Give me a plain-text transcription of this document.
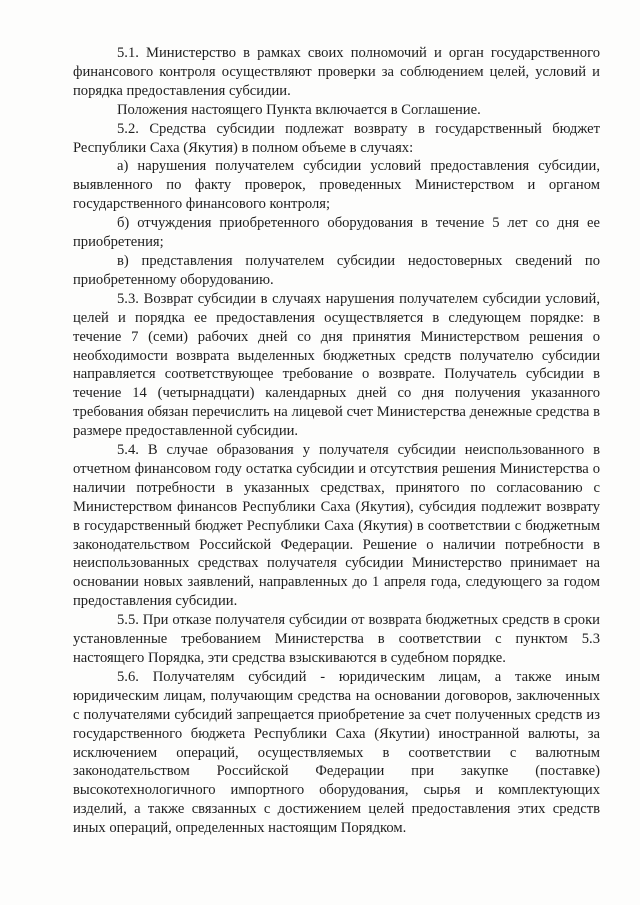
5.1. Министерство в рамках своих полномочий и орган государственного финансового контроля осуществляют проверки за соблюдением целей, условий и порядка предоставления субсидии.

Положения настоящего Пункта включается в Соглашение.

5.2. Средства субсидии подлежат возврату в государственный бюджет Республики Саха (Якутия) в полном объеме в случаях:

а) нарушения получателем субсидии условий предоставления субсидии, выявленного по факту проверок, проведенных Министерством и органом государственного финансового контроля;

б) отчуждения приобретенного оборудования в течение 5 лет со дня ее приобретения;

в) представления получателем субсидии недостоверных сведений по приобретенному оборудованию.

5.3. Возврат субсидии в случаях нарушения получателем субсидии условий, целей и порядка ее предоставления осуществляется в следующем порядке: в течение 7 (семи) рабочих дней со дня принятия Министерством решения о необходимости возврата выделенных бюджетных средств получателю субсидии направляется соответствующее требование о возврате. Получатель субсидии в течение 14 (четырнадцати) календарных дней со дня получения указанного требования обязан перечислить на лицевой счет Министерства денежные средства в размере предоставленной субсидии.

5.4. В случае образования у получателя субсидии неиспользованного в отчетном финансовом году остатка субсидии и отсутствия решения Министерства о наличии потребности в указанных средствах, принятого по согласованию с Министерством финансов Республики Саха (Якутия), субсидия подлежит возврату в государственный бюджет Республики Саха (Якутия) в соответствии с бюджетным законодательством Российской Федерации. Решение о наличии потребности в неиспользованных средствах получателя субсидии Министерство принимает на основании новых заявлений, направленных до 1 апреля года, следующего за годом предоставления субсидии.

5.5. При отказе получателя субсидии от возврата бюджетных средств в сроки установленные требованием Министерства в соответствии с пунктом 5.3 настоящего Порядка, эти средства взыскиваются в судебном порядке.

5.6. Получателям субсидий - юридическим лицам, а также иным юридическим лицам, получающим средства на основании договоров, заключенных с получателями субсидий запрещается приобретение за счет полученных средств из государственного бюджета Республики Саха (Якутии) иностранной валюты, за исключением операций, осуществляемых в соответствии с валютным законодательством Российской Федерации при закупке (поставке) высокотехнологичного импортного оборудования, сырья и комплектующих изделий, а также связанных с достижением целей предоставления этих средств иных операций, определенных настоящим Порядком.
